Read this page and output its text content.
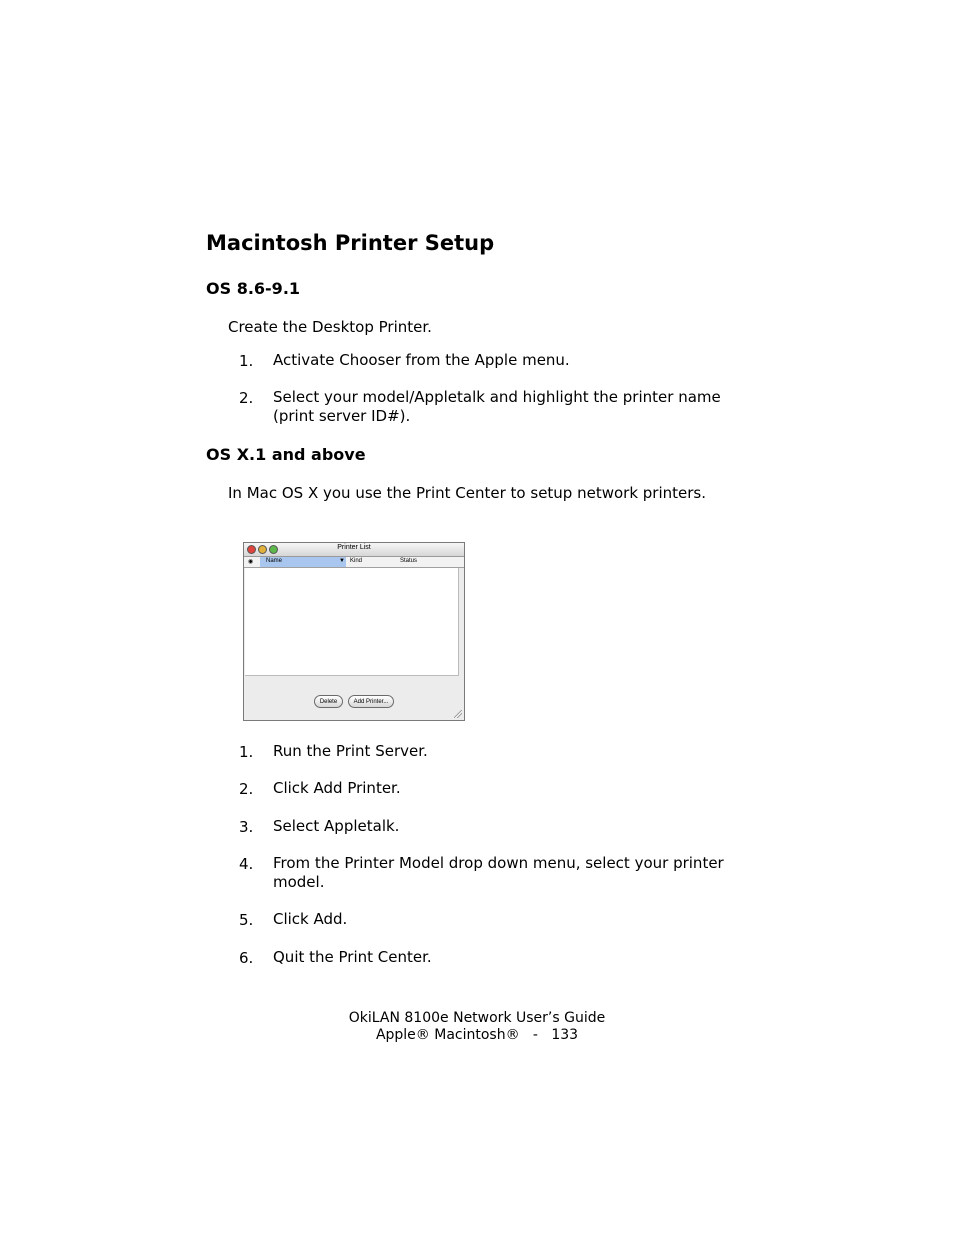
Macintosh Printer Setup
OS 8.6-9.1
Create the Desktop Printer.
1. Activate Chooser from the Apple menu.
2. Select your model/Appletalk and highlight the printer name (print server ID#).
OS X.1 and above
In Mac OS X you use the Print Center to setup network printers.
Printer List
◉ Name	▼ Kind	Status
Delete	Add Printer...
1. Run the Print Server.
2. Click Add Printer.
3. Select Appletalk.
4. From the Printer Model drop down menu, select your printer model.
5. Click Add.
6. Quit the Print Center.
OkiLAN 8100e Network User’s Guide
Apple® Macintosh®   -   133
